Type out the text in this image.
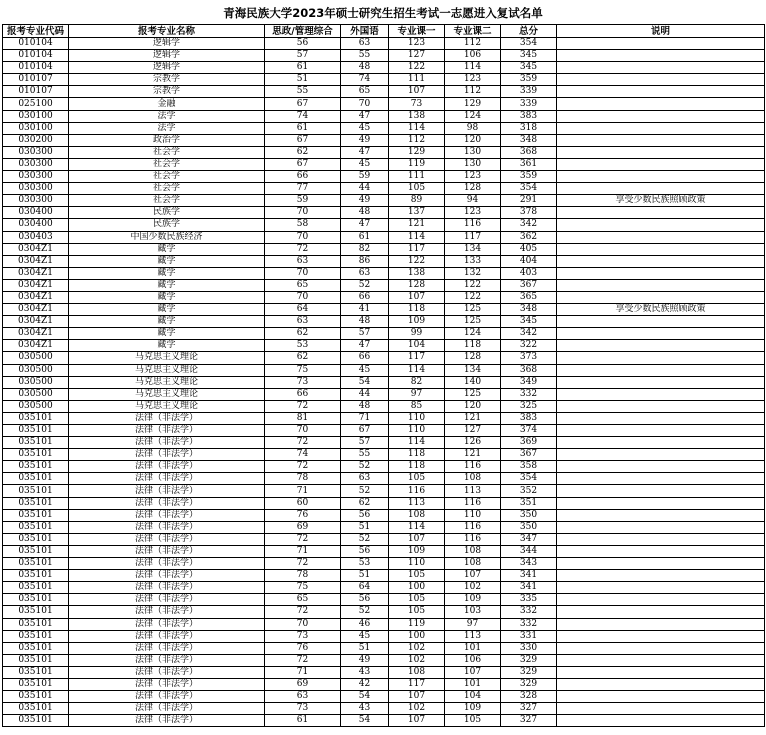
青海民族大学2023年硕士研究生招生考试一志愿进入复试名单
报考专业代码	报考专业名称	思政/管理综合	外国语	专业课一	专业课二	总分	说明
010104	逻辑学	56	63	123	112	354	
010104	逻辑学	57	55	127	106	345	
010104	逻辑学	61	48	122	114	345	
010107	宗教学	51	74	111	123	359	
010107	宗教学	55	65	107	112	339	
025100	金融	67	70	73	129	339	
030100	法学	74	47	138	124	383	
030100	法学	61	45	114	98	318	
030200	政治学	67	49	112	120	348	
030300	社会学	62	47	129	130	368	
030300	社会学	67	45	119	130	361	
030300	社会学	66	59	111	123	359	
030300	社会学	77	44	105	128	354	
030300	社会学	59	49	89	94	291	享受少数民族照顾政策
030400	民族学	70	48	137	123	378	
030400	民族学	58	47	121	116	342	
030403	中国少数民族经济	70	61	114	117	362	
0304Z1	藏学	72	82	117	134	405	
0304Z1	藏学	63	86	122	133	404	
0304Z1	藏学	70	63	138	132	403	
0304Z1	藏学	65	52	128	122	367	
0304Z1	藏学	70	66	107	122	365	
0304Z1	藏学	64	41	118	125	348	享受少数民族照顾政策
0304Z1	藏学	63	48	109	125	345	
0304Z1	藏学	62	57	99	124	342	
0304Z1	藏学	53	47	104	118	322	
030500	马克思主义理论	62	66	117	128	373	
030500	马克思主义理论	75	45	114	134	368	
030500	马克思主义理论	73	54	82	140	349	
030500	马克思主义理论	66	44	97	125	332	
030500	马克思主义理论	72	48	85	120	325	
035101	法律（非法学）	81	71	110	121	383	
035101	法律（非法学）	70	67	110	127	374	
035101	法律（非法学）	72	57	114	126	369	
035101	法律（非法学）	74	55	118	121	367	
035101	法律（非法学）	72	52	118	116	358	
035101	法律（非法学）	78	63	105	108	354	
035101	法律（非法学）	71	52	116	113	352	
035101	法律（非法学）	60	62	113	116	351	
035101	法律（非法学）	76	56	108	110	350	
035101	法律（非法学）	69	51	114	116	350	
035101	法律（非法学）	72	52	107	116	347	
035101	法律（非法学）	71	56	109	108	344	
035101	法律（非法学）	72	53	110	108	343	
035101	法律（非法学）	78	51	105	107	341	
035101	法律（非法学）	75	64	100	102	341	
035101	法律（非法学）	65	56	105	109	335	
035101	法律（非法学）	72	52	105	103	332	
035101	法律（非法学）	70	46	119	97	332	
035101	法律（非法学）	73	45	100	113	331	
035101	法律（非法学）	76	51	102	101	330	
035101	法律（非法学）	72	49	102	106	329	
035101	法律（非法学）	71	43	108	107	329	
035101	法律（非法学）	69	42	117	101	329	
035101	法律（非法学）	63	54	107	104	328	
035101	法律（非法学）	73	43	102	109	327	
035101	法律（非法学）	61	54	107	105	327	
